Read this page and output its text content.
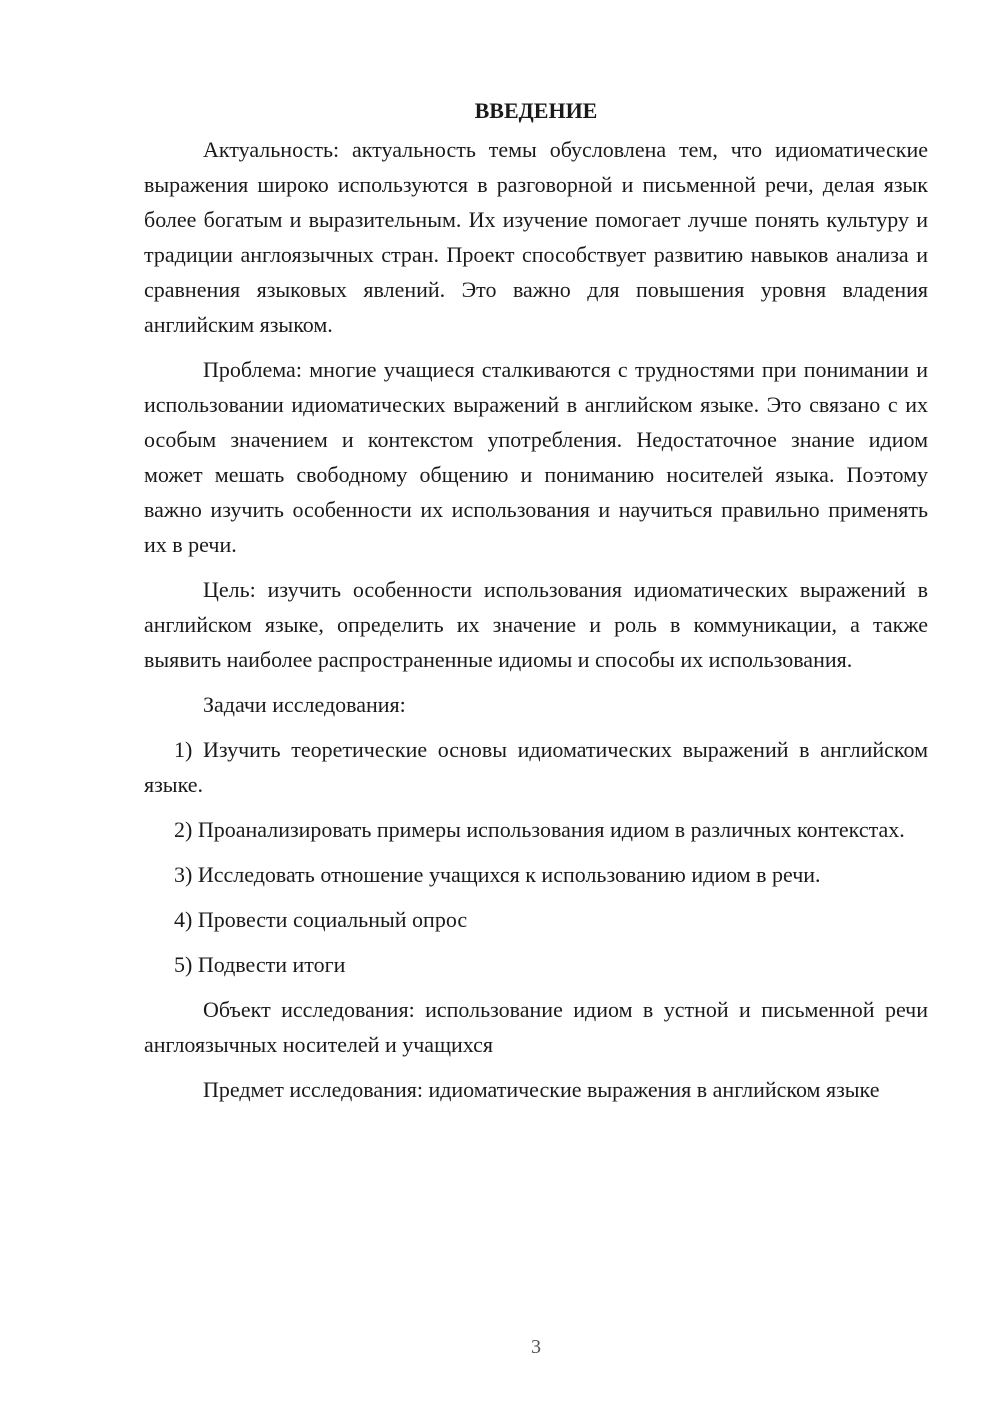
ВВЕДЕНИЕ

Актуальность: актуальность темы обусловлена тем, что идиоматические выражения широко используются в разговорной и письменной речи, делая язык более богатым и выразительным. Их изучение помогает лучше понять культуру и традиции англоязычных стран. Проект способствует развитию навыков анализа и сравнения языковых явлений. Это важно для повышения уровня владения английским языком.

Проблема: многие учащиеся сталкиваются с трудностями при понимании и использовании идиоматических выражений в английском языке. Это связано с их особым значением и контекстом употребления. Недостаточное знание идиом может мешать свободному общению и пониманию носителей языка. Поэтому важно изучить особенности их использования и научиться правильно применять их в речи.

Цель: изучить особенности использования идиоматических выражений в английском языке, определить их значение и роль в коммуникации, а также выявить наиболее распространенные идиомы и способы их использования.

Задачи исследования:

1) Изучить теоретические основы идиоматических выражений в английском языке.

2) Проанализировать примеры использования идиом в различных контекстах.

3) Исследовать отношение учащихся к использованию идиом в речи.

4) Провести социальный опрос

5) Подвести итоги

Объект исследования: использование идиом в устной и письменной речи англоязычных носителей и учащихся

Предмет исследования: идиоматические выражения в английском языке

3
